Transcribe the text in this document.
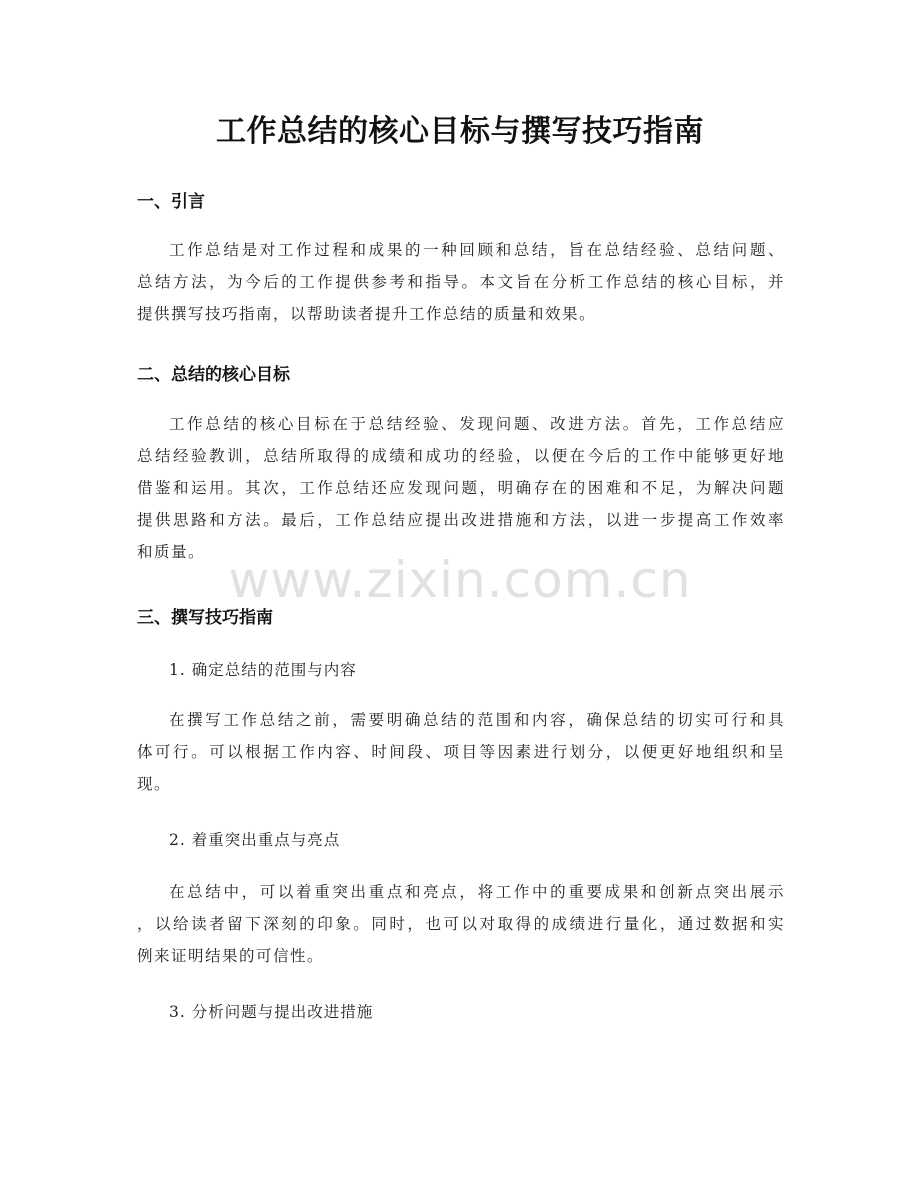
工作总结的核心目标与撰写技巧指南
一、引言
工作总结是对工作过程和成果的一种回顾和总结，旨在总结经验、总结问题、
总结方法，为今后的工作提供参考和指导。本文旨在分析工作总结的核心目标，并
提供撰写技巧指南，以帮助读者提升工作总结的质量和效果。
二、总结的核心目标
工作总结的核心目标在于总结经验、发现问题、改进方法。首先，工作总结应
总结经验教训，总结所取得的成绩和成功的经验，以便在今后的工作中能够更好地
借鉴和运用。其次，工作总结还应发现问题，明确存在的困难和不足，为解决问题
提供思路和方法。最后，工作总结应提出改进措施和方法，以进一步提高工作效率
和质量。
三、撰写技巧指南
1. 确定总结的范围与内容
在撰写工作总结之前，需要明确总结的范围和内容，确保总结的切实可行和具
体可行。可以根据工作内容、时间段、项目等因素进行划分，以便更好地组织和呈
现。
2. 着重突出重点与亮点
在总结中，可以着重突出重点和亮点，将工作中的重要成果和创新点突出展示
，以给读者留下深刻的印象。同时，也可以对取得的成绩进行量化，通过数据和实
例来证明结果的可信性。
3. 分析问题与提出改进措施
www.zixin.com.cn
